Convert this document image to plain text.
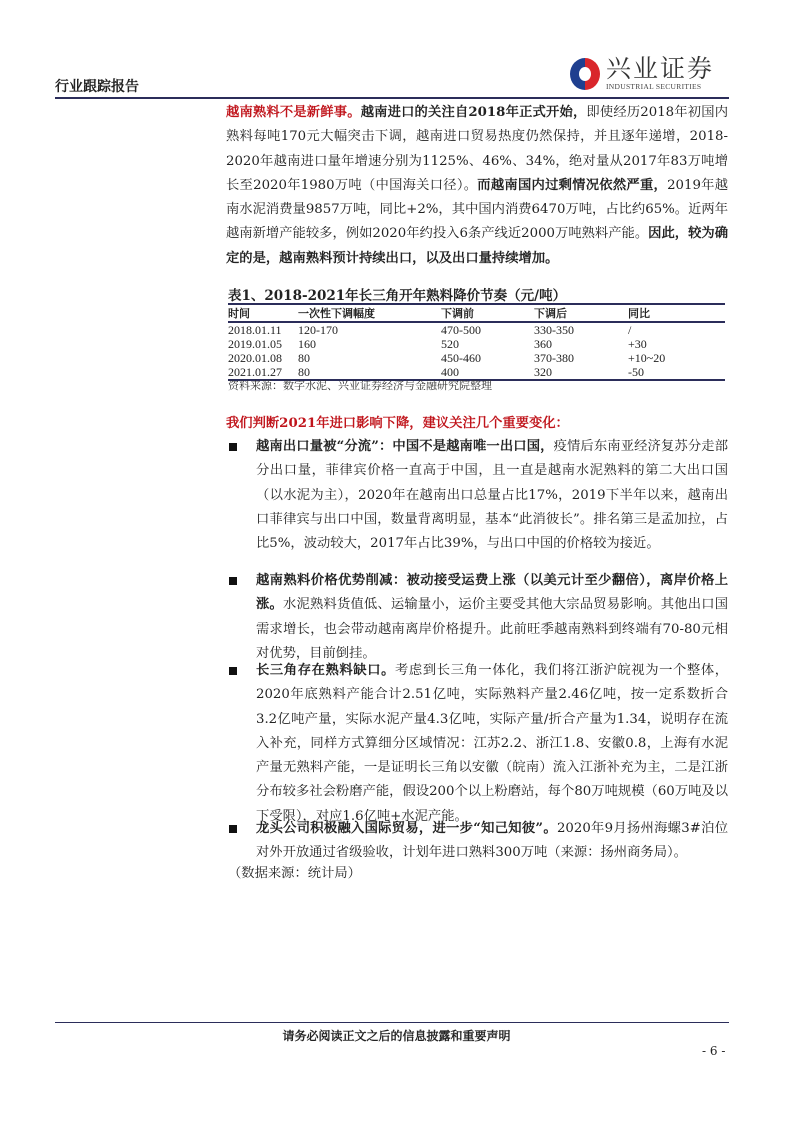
行业跟踪报告
兴业证券
INDUSTRIAL SECURITIES
越南熟料不是新鲜事。越南进口的关注自2018年正式开始，即使经历2018年初国内熟料每吨170元大幅突击下调，越南进口贸易热度仍然保持，并且逐年递增，2018-2020年越南进口量年增速分别为1125%、46%、34%，绝对量从2017年83万吨增长至2020年1980万吨（中国海关口径）。而越南国内过剩情况依然严重，2019年越南水泥消费量9857万吨，同比+2%，其中国内消费6470万吨，占比约65%。近两年越南新增产能较多，例如2020年约投入6条产线近2000万吨熟料产能。因此，较为确定的是，越南熟料预计持续出口，以及出口量持续增加。
表1、2018-2021年长三角开年熟料降价节奏（元/吨）
时间	一次性下调幅度	下调前	下调后	同比
2018.01.11	120-170	470-500	330-350	/
2019.01.05	160	520	360	+30
2020.01.08	80	450-460	370-380	+10~20
2021.01.27	80	400	320	-50
资料来源：数字水泥、兴业证券经济与金融研究院整理
我们判断2021年进口影响下降，建议关注几个重要变化：
越南出口量被“分流”：中国不是越南唯一出口国，疫情后东南亚经济复苏分走部分出口量，菲律宾价格一直高于中国，且一直是越南水泥熟料的第二大出口国（以水泥为主），2020年在越南出口总量占比17%，2019下半年以来，越南出口菲律宾与出口中国，数量背离明显，基本“此消彼长”。排名第三是孟加拉，占比5%，波动较大，2017年占比39%，与出口中国的价格较为接近。
越南熟料价格优势削减：被动接受运费上涨（以美元计至少翻倍），离岸价格上涨。水泥熟料货值低、运输量小，运价主要受其他大宗品贸易影响。其他出口国需求增长，也会带动越南离岸价格提升。此前旺季越南熟料到终端有70-80元相对优势，目前倒挂。
长三角存在熟料缺口。考虑到长三角一体化，我们将江浙沪皖视为一个整体，2020年底熟料产能合计2.51亿吨，实际熟料产量2.46亿吨，按一定系数折合3.2亿吨产量，实际水泥产量4.3亿吨，实际产量/折合产量为1.34，说明存在流入补充，同样方式算细分区域情况：江苏2.2、浙江1.8、安徽0.8，上海有水泥产量无熟料产能，一是证明长三角以安徽（皖南）流入江浙补充为主，二是江浙分布较多社会粉磨产能，假设200个以上粉磨站，每个80万吨规模（60万吨及以下受限），对应1.6亿吨+水泥产能。
龙头公司积极融入国际贸易，进一步“知己知彼”。2020年9月扬州海螺3#泊位对外开放通过省级验收，计划年进口熟料300万吨（来源：扬州商务局）。
（数据来源：统计局）
请务必阅读正文之后的信息披露和重要声明
- 6 -
